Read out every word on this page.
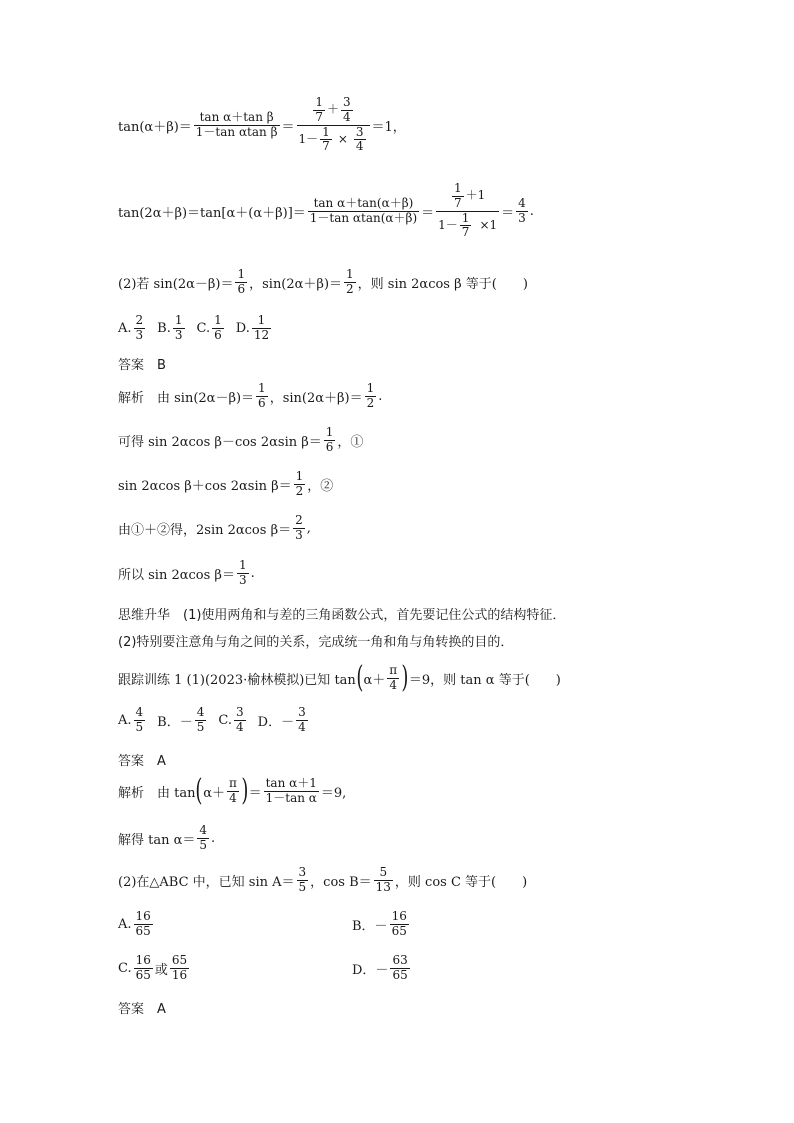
$\tan(\alpha+\beta)= \frac{\text{tan α＋tan β}}{\text{1－tan αtan β}} = \frac{\frac{1}{7} + \frac{3}{4}}{1- \frac{1}{7} \times \frac{3}{4}} =1$，
$\tan(2\alpha+\beta)=\tan[\alpha+(\alpha+\beta)]= \frac{\text{tan α＋tan(α＋β)}}{\text{1－tan αtan(α＋β)}} = \frac{\frac{1}{7} +1}{1- \frac{1}{7} \times 1} = \frac{4}{3}$ .
(2)若 $\sin(2\alpha-\beta)= \frac{1}{6}$ ，$\sin(2\alpha+\beta)= \frac{1}{2}$ ，则 sin 2αcos β 等于(　　)
A. $\frac{2}{3} B$. $\frac{1}{3} C$. $\frac{1}{6} D$. $\frac{1}{12}$
答案　B
解析　由 $\sin(2\alpha-\beta)= \frac{1}{6}$ ，$\sin(2\alpha+\beta)= \frac{1}{2}$ .
可得 sin 2αcos β－cos 2αsin $\beta= \frac{1}{6}$ ，①
sin 2αcos β＋cos 2αsin $\beta= \frac{1}{2}$ ，②
由①＋②得，2sin 2αcos $\beta= \frac{2}{3}$ ,
所以 sin 2αcos $\beta= \frac{1}{3}$ .
思维升华　(1)使用两角和与差的三角函数公式，首先要记住公式的结构特征．
(2)特别要注意角与角之间的关系，完成统一角和角与角转换的目的．
跟踪训练 1 (1)(2023·榆林模拟)已知 tan ( $\alpha+ \frac{\pi}{4}$ ) ＝9，则 tan α 等于(　　)
A. $\frac{4}{5}$ B．－ $\frac{4}{5} C$. $\frac{3}{4}$ D．－ $\frac{3}{4}$
答案　A
解析　由 tan ( $\alpha+ \frac{\pi}{4}$ ) ＝ $\frac{\text{tan α＋1}}{\text{1－tan α}} =9$,
解得 $\tan \alpha= \frac{4}{5}$ .
(2)在△ABC 中，已知 $\sin A= \frac{3}{5}$ ，$\cos B= \frac{5}{13}$ ，则 cos C 等于(　　)
A. $\frac{16}{65}$	B．－ $\frac{16}{65}$
C. $\frac{16}{65}$ 或 $\frac{65}{16}$	D．－ $\frac{63}{65}$
答案　A
